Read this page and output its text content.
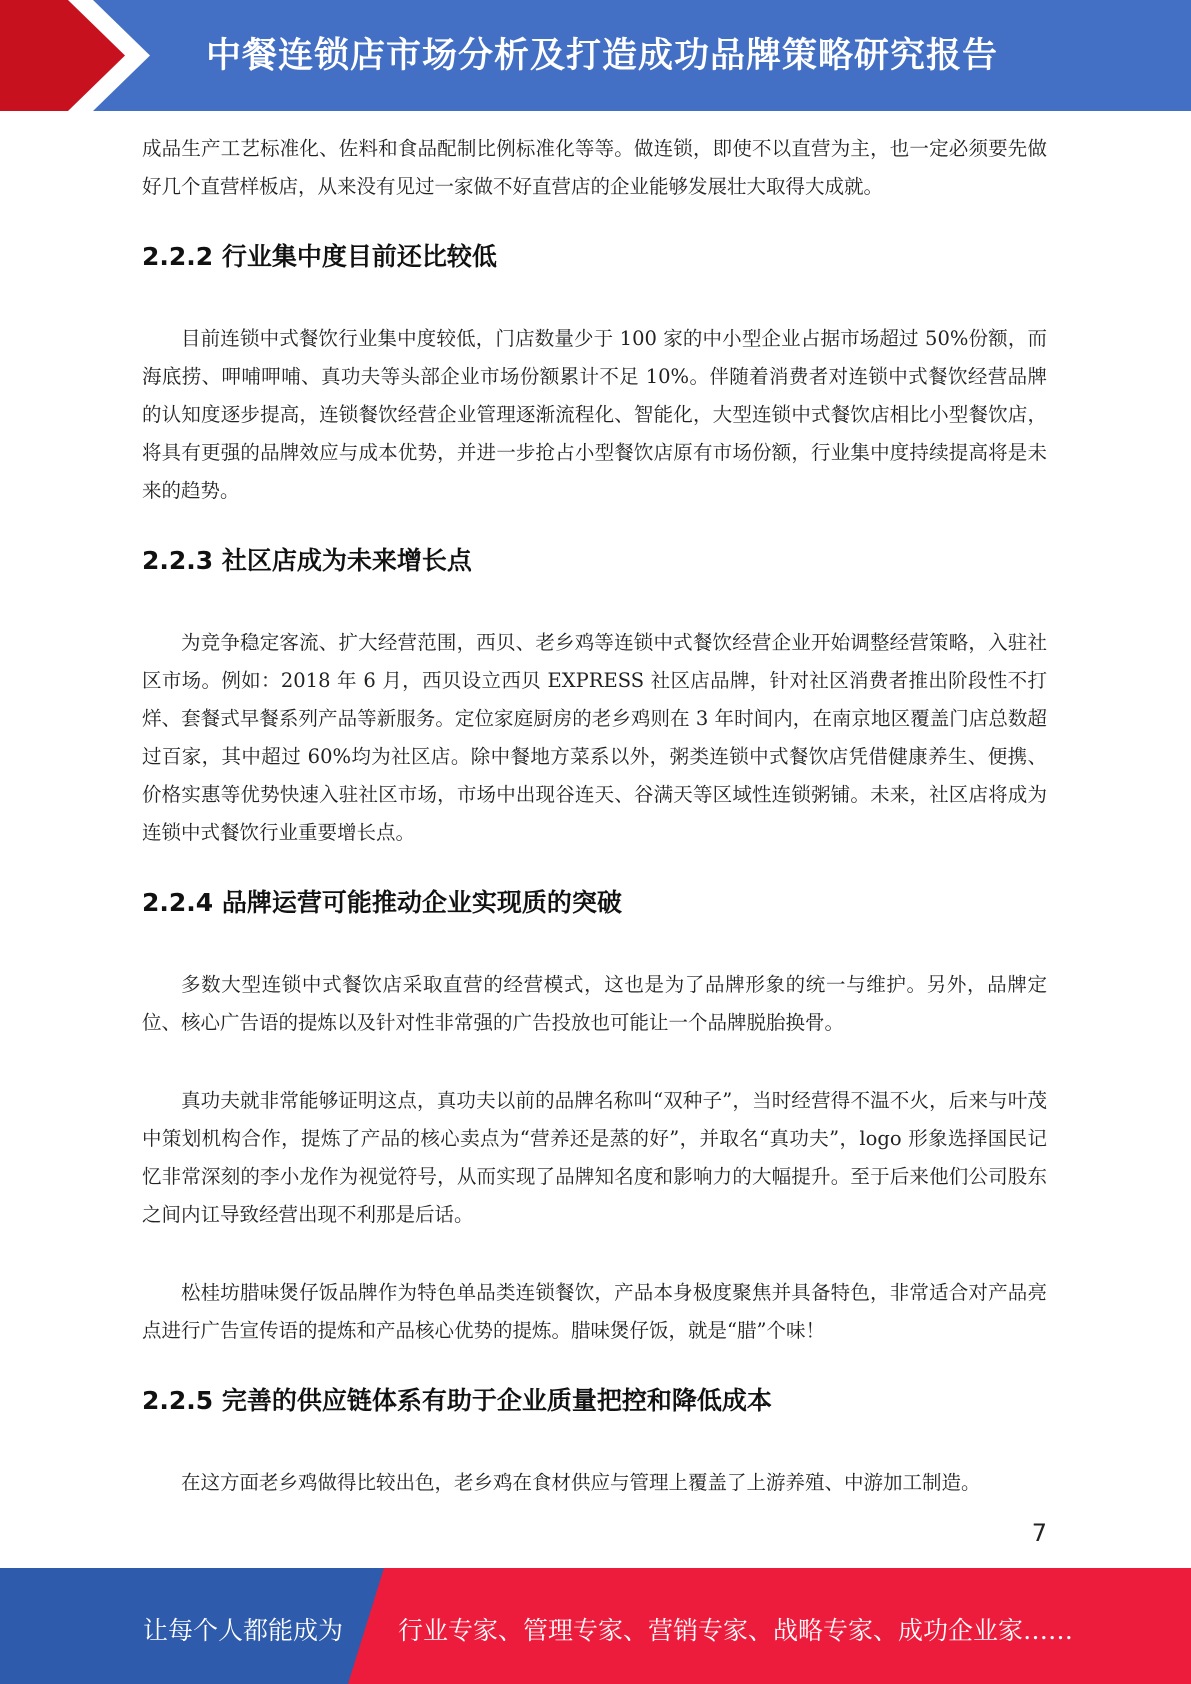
中餐连锁店市场分析及打造成功品牌策略研究报告

成品生产工艺标准化、佐料和食品配制比例标准化等等。做连锁，即使不以直营为主，也一定必须要先做好几个直营样板店，从来没有见过一家做不好直营店的企业能够发展壮大取得大成就。

2.2.2 行业集中度目前还比较低

目前连锁中式餐饮行业集中度较低，门店数量少于 100 家的中小型企业占据市场超过 50%份额，而海底捞、呷哺呷哺、真功夫等头部企业市场份额累计不足 10%。伴随着消费者对连锁中式餐饮经营品牌的认知度逐步提高，连锁餐饮经营企业管理逐渐流程化、智能化，大型连锁中式餐饮店相比小型餐饮店，将具有更强的品牌效应与成本优势，并进一步抢占小型餐饮店原有市场份额，行业集中度持续提高将是未来的趋势。

2.2.3 社区店成为未来增长点

为竞争稳定客流、扩大经营范围，西贝、老乡鸡等连锁中式餐饮经营企业开始调整经营策略，入驻社区市场。例如：2018 年 6 月，西贝设立西贝 EXPRESS 社区店品牌，针对社区消费者推出阶段性不打烊、套餐式早餐系列产品等新服务。定位家庭厨房的老乡鸡则在 3 年时间内，在南京地区覆盖门店总数超过百家，其中超过 60%均为社区店。除中餐地方菜系以外，粥类连锁中式餐饮店凭借健康养生、便携、价格实惠等优势快速入驻社区市场，市场中出现谷连天、谷满天等区域性连锁粥铺。未来，社区店将成为连锁中式餐饮行业重要增长点。

2.2.4 品牌运营可能推动企业实现质的突破

多数大型连锁中式餐饮店采取直营的经营模式，这也是为了品牌形象的统一与维护。另外，品牌定位、核心广告语的提炼以及针对性非常强的广告投放也可能让一个品牌脱胎换骨。

真功夫就非常能够证明这点，真功夫以前的品牌名称叫“双种子”，当时经营得不温不火，后来与叶茂中策划机构合作，提炼了产品的核心卖点为“营养还是蒸的好”，并取名“真功夫”，logo 形象选择国民记忆非常深刻的李小龙作为视觉符号，从而实现了品牌知名度和影响力的大幅提升。至于后来他们公司股东之间内讧导致经营出现不利那是后话。

松桂坊腊味煲仔饭品牌作为特色单品类连锁餐饮，产品本身极度聚焦并具备特色，非常适合对产品亮点进行广告宣传语的提炼和产品核心优势的提炼。腊味煲仔饭，就是“腊”个味！

2.2.5 完善的供应链体系有助于企业质量把控和降低成本

在这方面老乡鸡做得比较出色，老乡鸡在食材供应与管理上覆盖了上游养殖、中游加工制造。

7
让每个人都能成为 行业专家、管理专家、营销专家、战略专家、成功企业家……
